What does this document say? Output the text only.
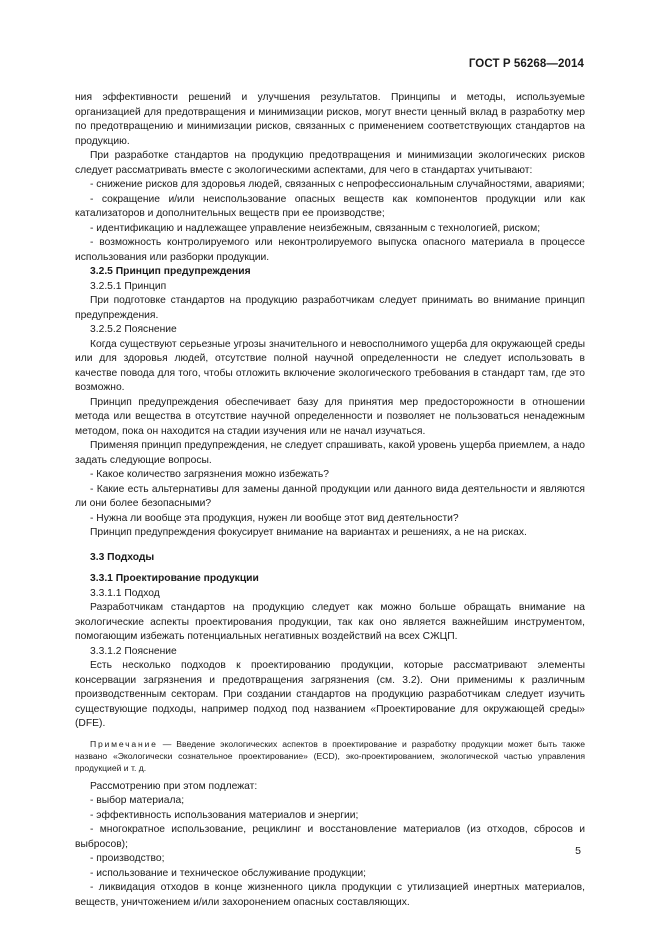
ГОСТ Р 56268—2014

ния эффективности решений и улучшения результатов. Принципы и методы, используемые организацией для предотвращения и минимизации рисков, могут внести ценный вклад в разработку мер по предотвращению и минимизации рисков, связанных с применением соответствующих стандартов на продукцию.

При разработке стандартов на продукцию предотвращения и минимизации экологических рисков следует рассматривать вместе с экологическими аспектами, для чего в стандартах учитывают:

- снижение рисков для здоровья людей, связанных с непрофессиональным случайностями, авариями;

- сокращение и/или неиспользование опасных веществ как компонентов продукции или как катализаторов и дополнительных веществ при ее производстве;

- идентификацию и надлежащее управление неизбежным, связанным с технологией, риском;

- возможность контролируемого или неконтролируемого выпуска опасного материала в процессе использования или разборки продукции.

3.2.5 Принцип предупреждения

3.2.5.1 Принцип

При подготовке стандартов на продукцию разработчикам следует принимать во внимание принцип предупреждения.

3.2.5.2 Пояснение

Когда существуют серьезные угрозы значительного и невосполнимого ущерба для окружающей среды или для здоровья людей, отсутствие полной научной определенности не следует использовать в качестве повода для того, чтобы отложить включение экологического требования в стандарт там, где это возможно.

Принцип предупреждения обеспечивает базу для принятия мер предосторожности в отношении метода или вещества в отсутствие научной определенности и позволяет не пользоваться ненадежным методом, пока он находится на стадии изучения или не начал изучаться.

Применяя принцип предупреждения, не следует спрашивать, какой уровень ущерба приемлем, а надо задать следующие вопросы.

- Какое количество загрязнения можно избежать?

- Какие есть альтернативы для замены данной продукции или данного вида деятельности и являются ли они более безопасными?

- Нужна ли вообще эта продукция, нужен ли вообще этот вид деятельности?

Принцип предупреждения фокусирует внимание на вариантах и решениях, а не на рисках.

3.3 Подходы

3.3.1 Проектирование продукции

3.3.1.1 Подход

Разработчикам стандартов на продукцию следует как можно больше обращать внимание на экологические аспекты проектирования продукции, так как оно является важнейшим инструментом, помогающим избежать потенциальных негативных воздействий на всех СЖЦП.

3.3.1.2 Пояснение

Есть несколько подходов к проектированию продукции, которые рассматривают элементы консервации загрязнения и предотвращения загрязнения (см. 3.2). Они применимы к различным производственным секторам. При создании стандартов на продукцию разработчикам следует изучить существующие подходы, например подход под названием «Проектирование для окружающей среды» (DFE).

Примечание — Введение экологических аспектов в проектирование и разработку продукции может быть также названо «Экологически сознательное проектирование» (ECD), эко-проектированием, экологической частью управления продукцией и т. д.

Рассмотрению при этом подлежат:

- выбор материала;

- эффективность использования материалов и энергии;

- многократное использование, рециклинг и восстановление материалов (из отходов, сбросов и выбросов);

- производство;

- использование и техническое обслуживание продукции;

- ликвидация отходов в конце жизненного цикла продукции с утилизацией инертных материалов, веществ, уничтожением и/или захоронением опасных составляющих.

5
